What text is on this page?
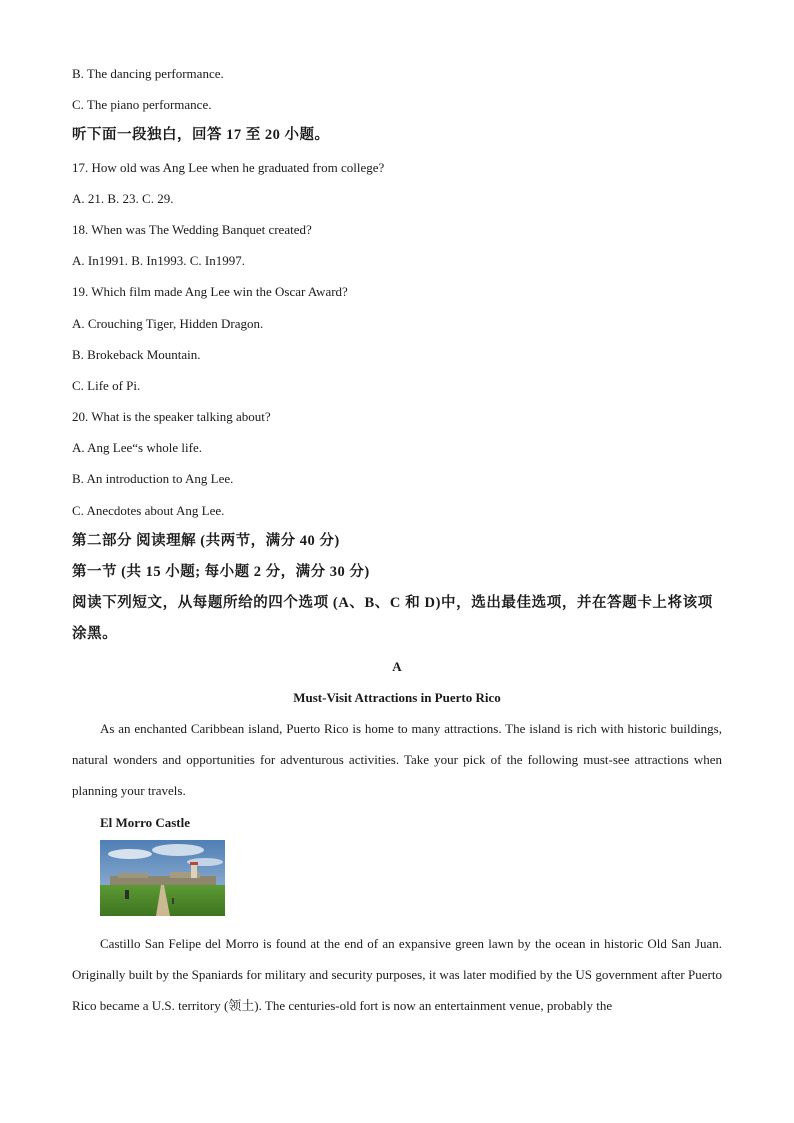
B. The dancing performance.
C. The piano performance.
听下面一段独白，回答 17 至 20 小题。
17. How old was Ang Lee when he graduated from college?
A. 21. B. 23. C. 29.
18. When was The Wedding Banquet created?
A. In1991. B. In1993. C. In1997.
19. Which film made Ang Lee win the Oscar Award?
A. Crouching Tiger, Hidden Dragon.
B. Brokeback Mountain.
C. Life of Pi.
20. What is the speaker talking about?
A. Ang Lee“s whole life.
B. An introduction to Ang Lee.
C. Anecdotes about Ang Lee.
第二部分 阅读理解 (共两节，满分 40 分)
第一节 (共 15 小题; 每小题 2 分，满分 30 分)
阅读下列短文，从每题所给的四个选项 (A、B、C 和 D)中，选出最佳选项，并在答题卡上将该项涂黑。
A
Must-Visit Attractions in Puerto Rico
As an enchanted Caribbean island, Puerto Rico is home to many attractions. The island is rich with historic buildings, natural wonders and opportunities for adventurous activities. Take your pick of the following must-see attractions when planning your travels.
El Morro Castle
Castillo San Felipe del Morro is found at the end of an expansive green lawn by the ocean in historic Old San Juan. Originally built by the Spaniards for military and security purposes, it was later modified by the US government after Puerto Rico became a U.S. territory (领土). The centuries-old fort is now an entertainment venue, probably the
